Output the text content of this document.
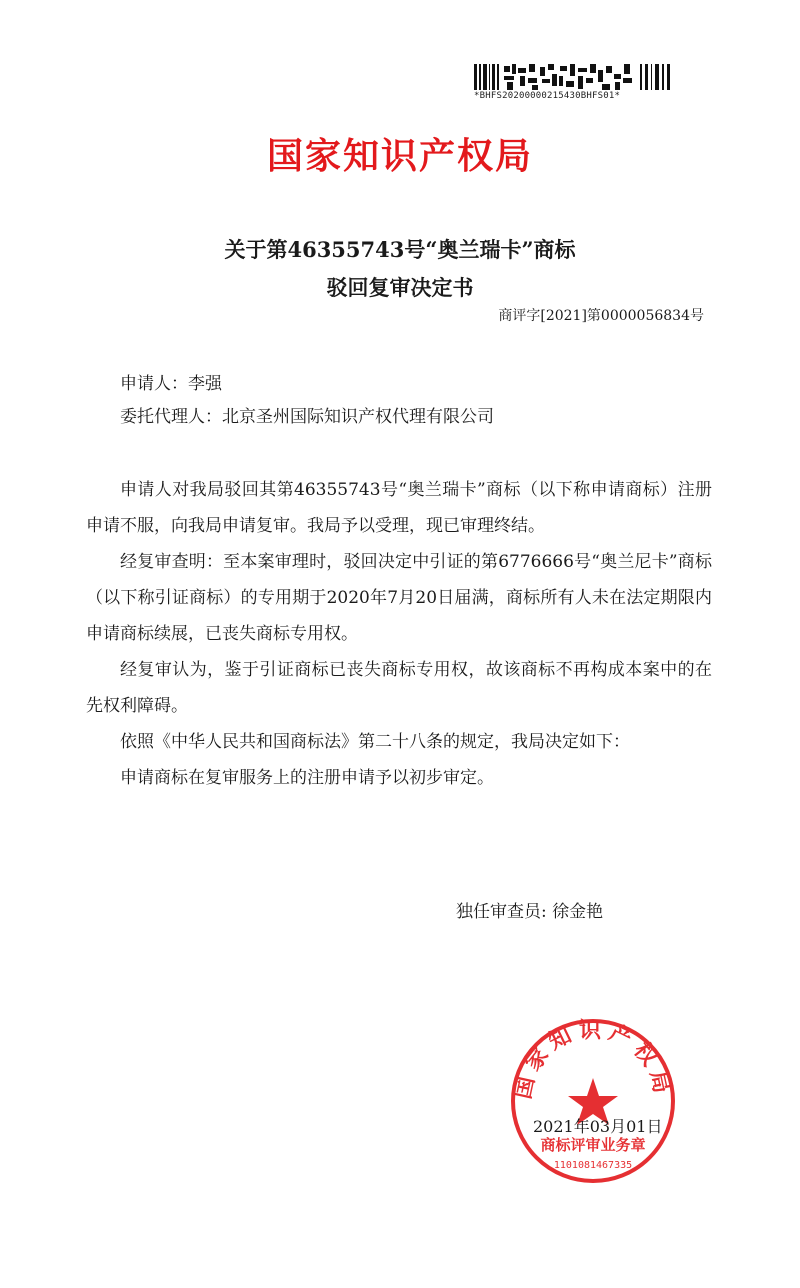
*BHFS20200000215430BHFS01*
国家知识产权局
关于第46355743号“奥兰瑞卡”商标
驳回复审决定书
商评字[2021]第0000056834号
申请人：李强
委托代理人：北京圣州国际知识产权代理有限公司

申请人对我局驳回其第46355743号“奥兰瑞卡”商标（以下称申请商标）注册申请不服，向我局申请复审。我局予以受理，现已审理终结。

经复审查明：至本案审理时，驳回决定中引证的第6776666号“奥兰尼卡”商标（以下称引证商标）的专用期于2020年7月20日届满，商标所有人未在法定期限内申请商标续展，已丧失商标专用权。

经复审认为，鉴于引证商标已丧失商标专用权，故该商标不再构成本案中的在先权利障碍。

依照《中华人民共和国商标法》第二十八条的规定，我局决定如下：

申请商标在复审服务上的注册申请予以初步审定。

独任审查员: 徐金艳
国家知识产权局
商标评审业务章
1101081467335
2021年03月01日
